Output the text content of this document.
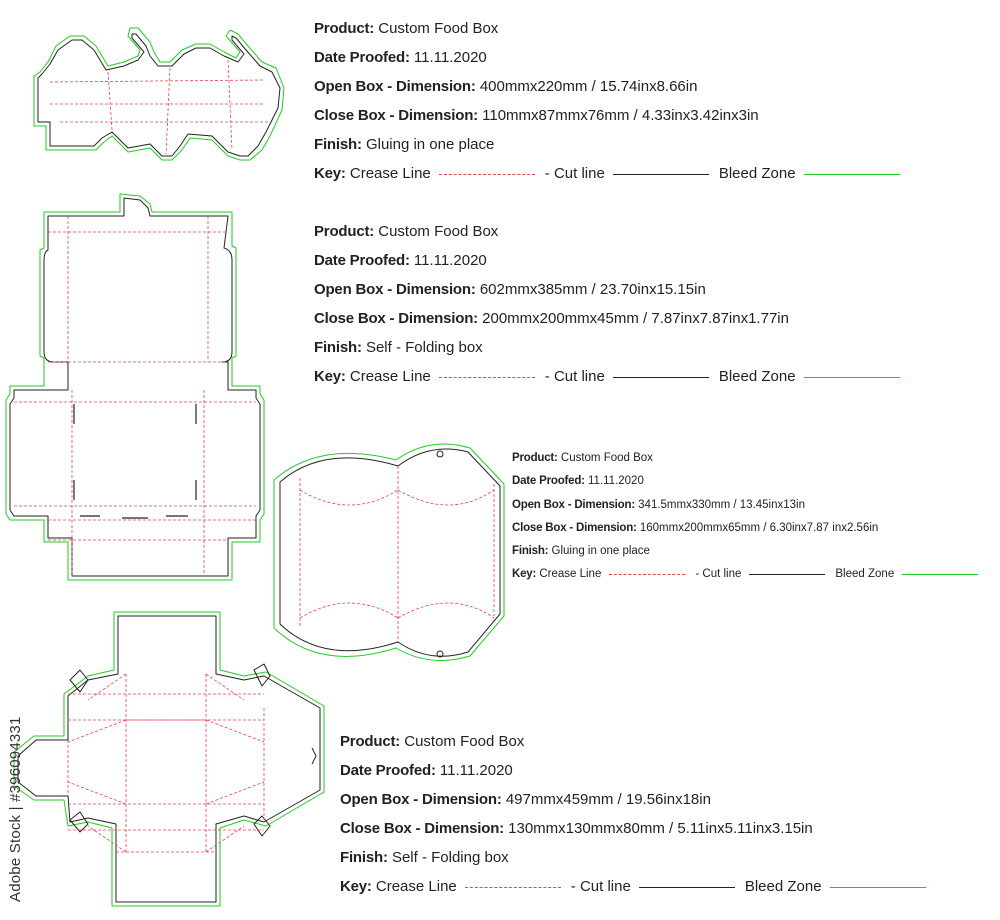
Product: Custom Food Box
Date Proofed: 11.11.2020
Open Box - Dimension: 400mmx220mm / 15.74inx8.66in
Close Box - Dimension: 110mmx87mmx76mm / 4.33inx3.42inx3in
Finish: Gluing in one place
Key: Crease Line	- Cut line	Bleed Zone
Product: Custom Food Box
Date Proofed: 11.11.2020
Open Box - Dimension: 602mmx385mm / 23.70inx15.15in
Close Box - Dimension: 200mmx200mmx45mm / 7.87inx7.87inx1.77in
Finish: Self - Folding box
Key: Crease Line	- Cut line	Bleed Zone
Product: Custom Food Box
Date Proofed: 11.11.2020
Open Box - Dimension: 341.5mmx330mm / 13.45inx13in
Close Box - Dimension: 160mmx200mmx65mm / 6.30inx7.87 inx2.56in
Finish: Gluing in one place
Key: Crease Line	- Cut line	Bleed Zone
Product: Custom Food Box
Date Proofed: 11.11.2020
Open Box - Dimension: 497mmx459mm / 19.56inx18in
Close Box - Dimension: 130mmx130mmx80mm / 5.11inx5.11inx3.15in
Finish: Self - Folding box
Key: Crease Line	- Cut line	Bleed Zone
Adobe Stock | #396094331
